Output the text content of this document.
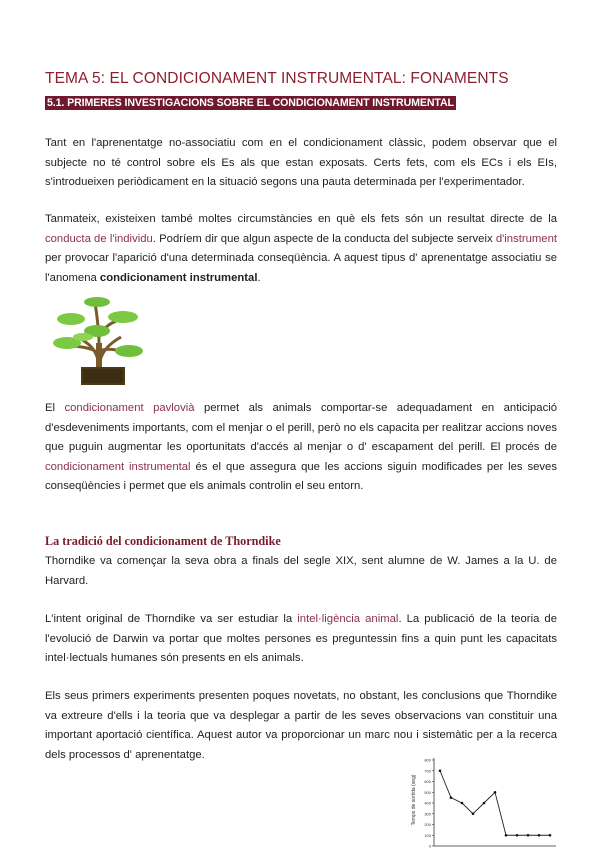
TEMA 5: EL CONDICIONAMENT INSTRUMENTAL: FONAMENTS
5.1. PRIMERES INVESTIGACIONS SOBRE EL CONDICIONAMENT INSTRUMENTAL

Tant en l'aprenentatge no-associatiu com en el condicionament clàssic, podem observar que el subjecte no té control sobre els Es als que estan exposats. Certs fets, com els ECs i els EIs, s'introdueixen periòdicament en la situació segons una pauta determinada per l'experimentador.

Tanmateix, existeixen també moltes circumstàncies en què els fets són un resultat directe de la conducta de l'individu. Podríem dir que algun aspecte de la conducta del subjecte serveix d'instrument per provocar l'aparició d'una determinada conseqüència. A aquest tipus d' aprenentatge associatiu se l'anomena condicionament instrumental.

El condicionament pavlovià permet als animals comportar-se adequadament en anticipació d'esdeveniments importants, com el menjar o el perill, però no els capacita per realitzar accions noves que puguin augmentar les oportunitats d'accés al menjar o d' escapament del perill. El procés de condicionament instrumental és el que assegura que les accions siguin modificades per les seves conseqüències i permet que els animals controlin el seu entorn.

La tradició del condicionament de Thorndike

Thorndike va començar la seva obra a finals del segle XIX, sent alumne de W. James a la U. de Harvard.

L'intent original de Thorndike va ser estudiar la intel·ligència animal. La publicació de la teoria de l'evolució de Darwin va portar que moltes persones es preguntessin fins a quin punt les capacitats intel·lectuals humanes són presents en els animals.

Els seus primers experiments presenten poques novetats, no obstant, les conclusions que Thorndike va extreure d'ells i la teoria que va desplegar a partir de les seves observacions van constituir una important aportació científica. Aquest autor va proporcionar un marc nou i sistemàtic per a la recerca dels processos d' aprenentatge.

Temps de sortida (seg)
0
100
200
300
400
500
600
700
800
